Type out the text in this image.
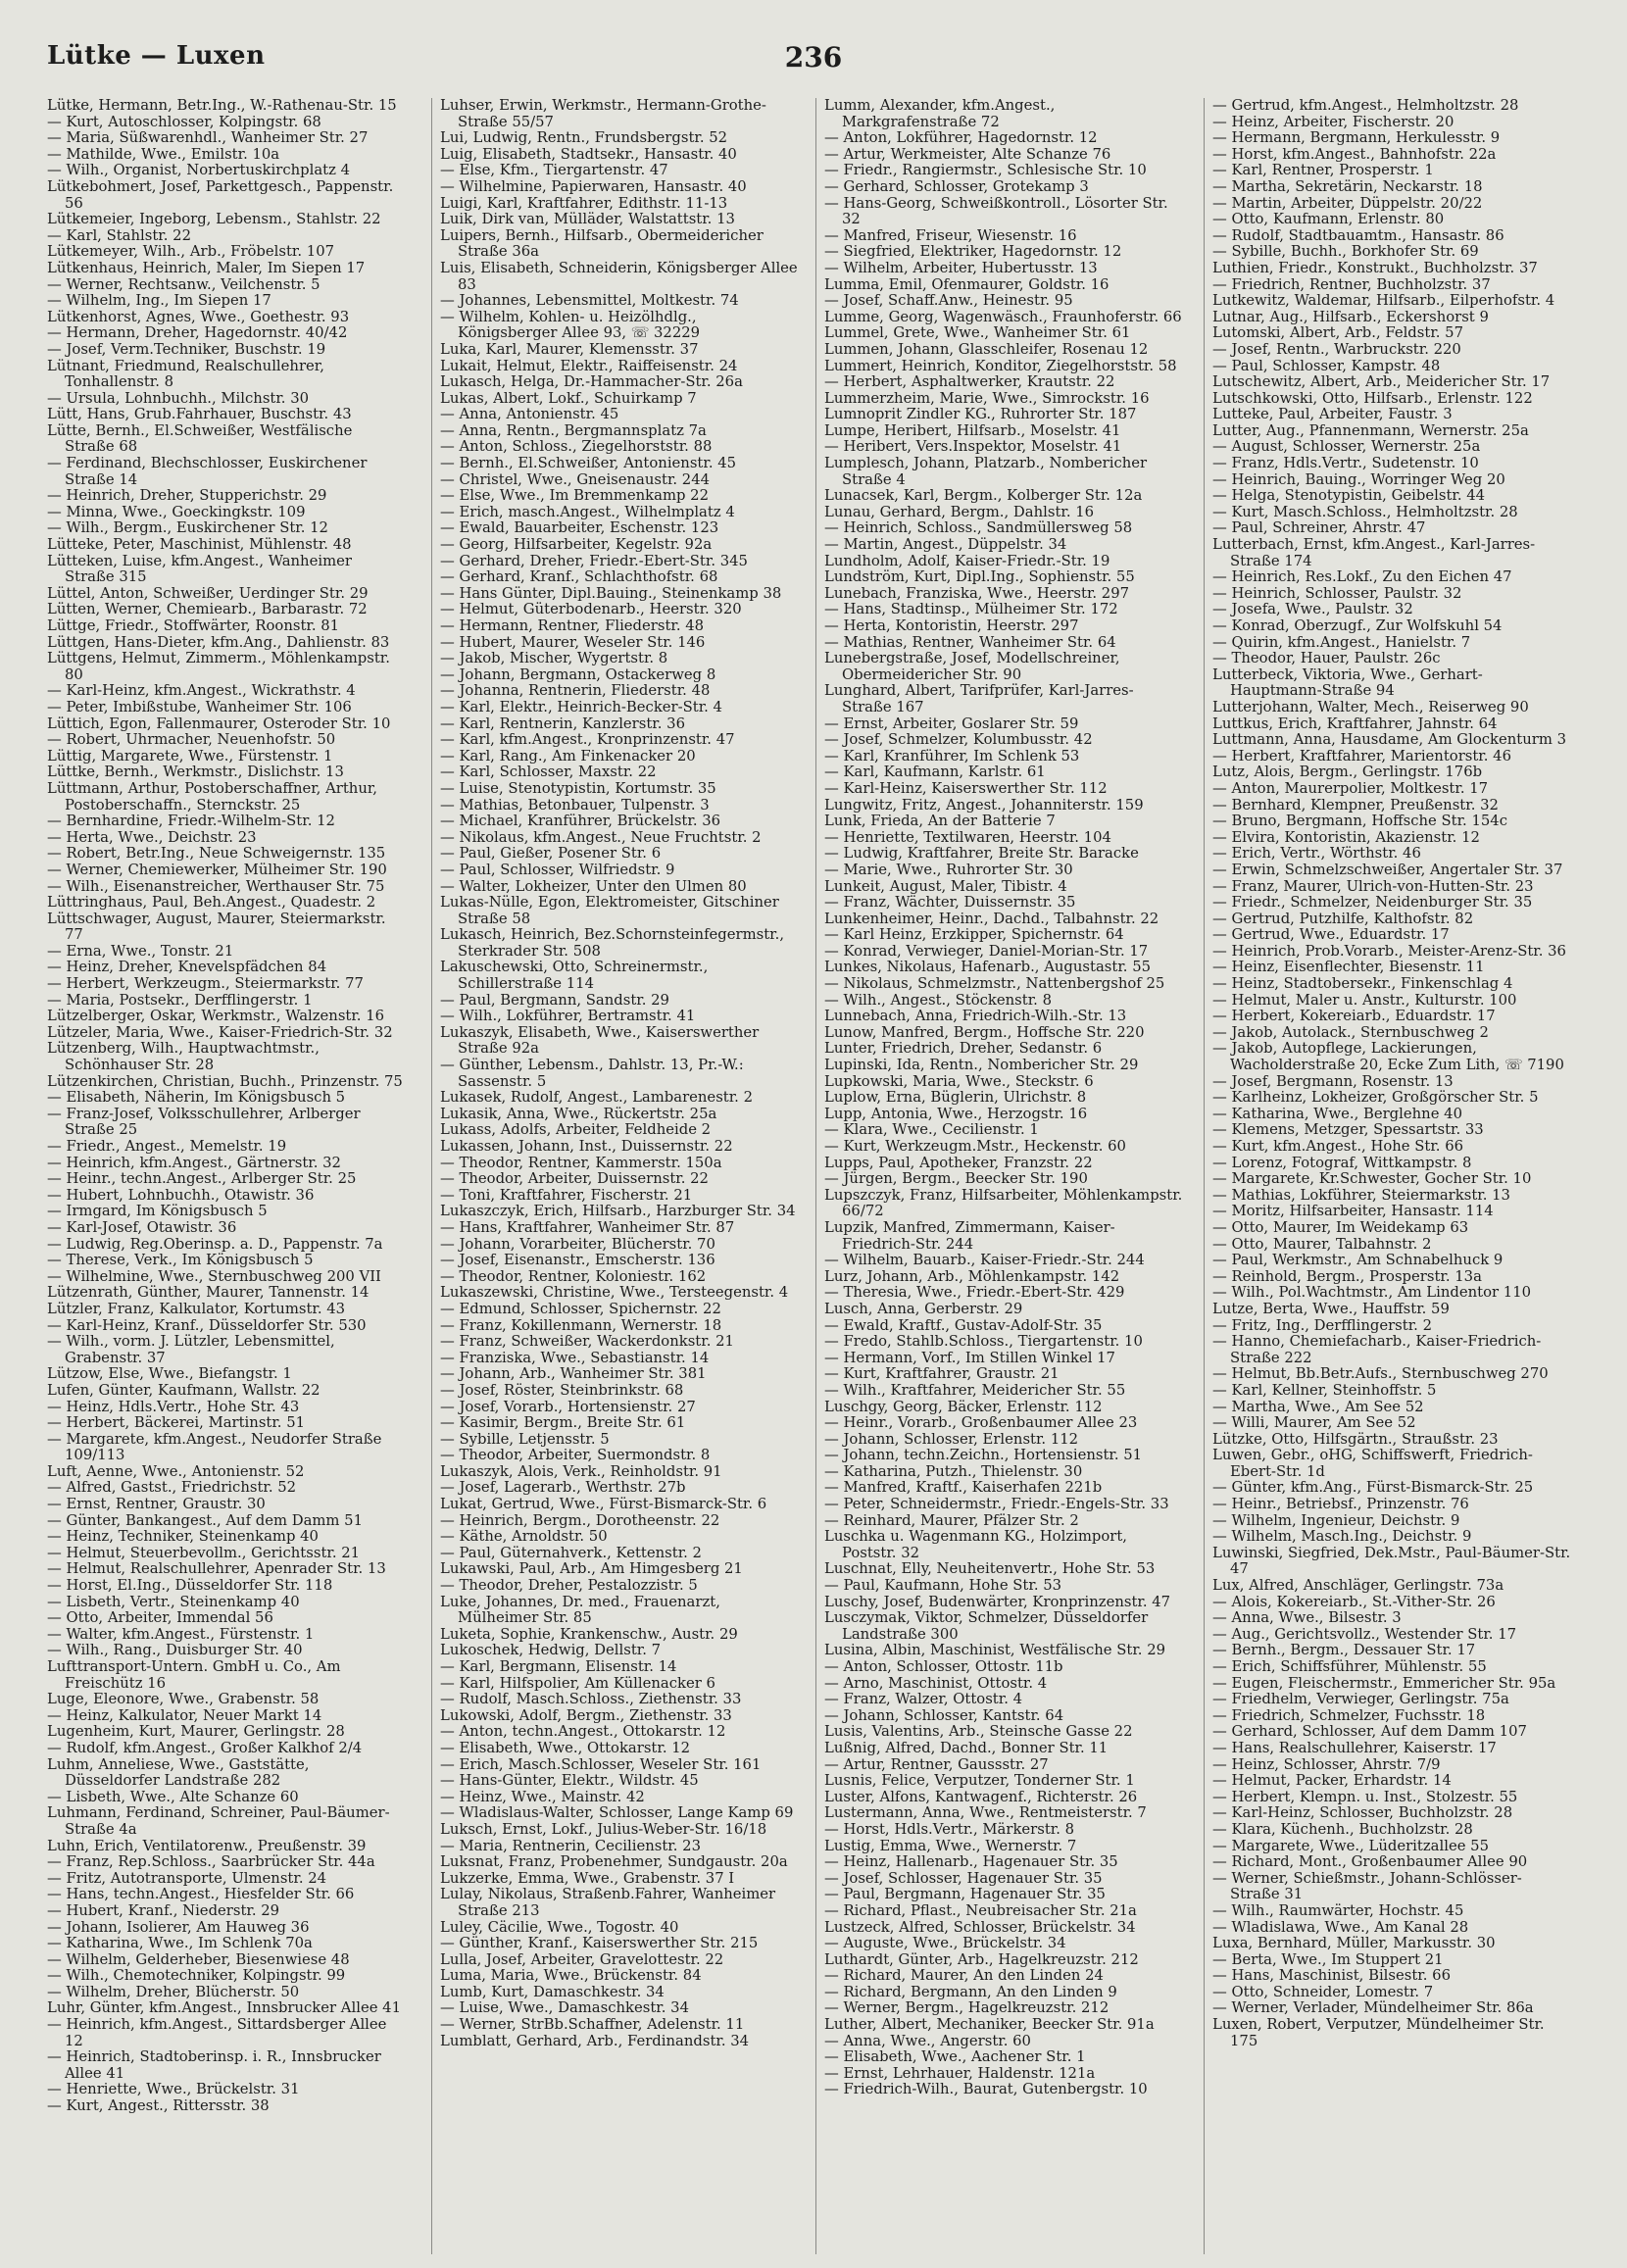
236
Lütke — Luxen

Lütke, Hermann, Betr.Ing., W.-Rathenau-Str. 15

— Kurt, Autoschlosser, Kolpingstr. 68

— Maria, Süßwarenhdl., Wanheimer Str. 27

— Mathilde, Wwe., Emilstr. 10a

— Wilh., Organist, Norbertuskirchplatz 4

Lütkebohmert, Josef, Parkettgesch., Pappenstr. 56

Lütkemeier, Ingeborg, Lebensm., Stahlstr. 22

— Karl, Stahlstr. 22

Lütkemeyer, Wilh., Arb., Fröbelstr. 107

Lütkenhaus, Heinrich, Maler, Im Siepen 17

— Werner, Rechtsanw., Veilchenstr. 5

— Wilhelm, Ing., Im Siepen 17

Lütkenhorst, Agnes, Wwe., Goethestr. 93

— Hermann, Dreher, Hagedornstr. 40/42

— Josef, Verm.Techniker, Buschstr. 19

Lütnant, Friedmund, Realschullehrer, Tonhallenstr. 8

— Ursula, Lohnbuchh., Milchstr. 30

Lütt, Hans, Grub.Fahrhauer, Buschstr. 43

Lütte, Bernh., El.Schweißer, Westfälische Straße 68

— Ferdinand, Blechschlosser, Euskirchener Straße 14

— Heinrich, Dreher, Stupperichstr. 29

— Minna, Wwe., Goeckingkstr. 109

— Wilh., Bergm., Euskirchener Str. 12

Lütteke, Peter, Maschinist, Mühlenstr. 48

Lütteken, Luise, kfm.Angest., Wanheimer Straße 315

Lüttel, Anton, Schweißer, Uerdinger Str. 29

Lütten, Werner, Chemiearb., Barbarastr. 72

Lüttge, Friedr., Stoffwärter, Roonstr. 81

Lüttgen, Hans-Dieter, kfm.Ang., Dahlienstr. 83

Lüttgens, Helmut, Zimmerm., Möhlenkampstr. 80

— Karl-Heinz, kfm.Angest., Wickrathstr. 4

— Peter, Imbißstube, Wanheimer Str. 106

Lüttich, Egon, Fallenmaurer, Osteroder Str. 10

— Robert, Uhrmacher, Neuenhofstr. 50

Lüttig, Margarete, Wwe., Fürstenstr. 1

Lüttke, Bernh., Werkmstr., Dislichstr. 13

Lüttmann, Arthur, Postoberschaffner, Arthur, Postoberschaffn., Sternckstr. 25

— Bernhardine, Friedr.-Wilhelm-Str. 12

— Herta, Wwe., Deichstr. 23

— Robert, Betr.Ing., Neue Schweigernstr. 135

— Werner, Chemiewerker, Mülheimer Str. 190

— Wilh., Eisenanstreicher, Werthauser Str. 75

Lüttringhaus, Paul, Beh.Angest., Quadestr. 2

Lüttschwager, August, Maurer, Steiermarkstr. 77

— Erna, Wwe., Tonstr. 21

— Heinz, Dreher, Knevelspfädchen 84

— Herbert, Werkzeugm., Steiermarkstr. 77

— Maria, Postsekr., Derfflingerstr. 1

Lützelberger, Oskar, Werkmstr., Walzenstr. 16

Lützeler, Maria, Wwe., Kaiser-Friedrich-Str. 32

Lützenberg, Wilh., Hauptwachtmstr., Schönhauser Str. 28

Lützenkirchen, Christian, Buchh., Prinzenstr. 75

— Elisabeth, Näherin, Im Königsbusch 5

— Franz-Josef, Volksschullehrer, Arlberger Straße 25

— Friedr., Angest., Memelstr. 19

— Heinrich, kfm.Angest., Gärtnerstr. 32

— Heinr., techn.Angest., Arlberger Str. 25

— Hubert, Lohnbuchh., Otawistr. 36

— Irmgard, Im Königsbusch 5

— Karl-Josef, Otawistr. 36

— Ludwig, Reg.Oberinsp. a. D., Pappenstr. 7a

— Therese, Verk., Im Königsbusch 5

— Wilhelmine, Wwe., Sternbuschweg 200 VII

Lützenrath, Günther, Maurer, Tannenstr. 14

Lützler, Franz, Kalkulator, Kortumstr. 43

— Karl-Heinz, Kranf., Düsseldorfer Str. 530

— Wilh., vorm. J. Lützler, Lebensmittel, Grabenstr. 37

Lützow, Else, Wwe., Biefangstr. 1

Lufen, Günter, Kaufmann, Wallstr. 22

— Heinz, Hdls.Vertr., Hohe Str. 43

— Herbert, Bäckerei, Martinstr. 51

— Margarete, kfm.Angest., Neudorfer Straße 109/113

Luft, Aenne, Wwe., Antonienstr. 52

— Alfred, Gastst., Friedrichstr. 52

— Ernst, Rentner, Graustr. 30

— Günter, Bankangest., Auf dem Damm 51

— Heinz, Techniker, Steinenkamp 40

— Helmut, Steuerbevollm., Gerichtsstr. 21

— Helmut, Realschullehrer, Apenrader Str. 13

— Horst, El.Ing., Düsseldorfer Str. 118

— Lisbeth, Vertr., Steinenkamp 40

— Otto, Arbeiter, Immendal 56

— Walter, kfm.Angest., Fürstenstr. 1

— Wilh., Rang., Duisburger Str. 40

Lufttransport-Untern. GmbH u. Co., Am Freischütz 16

Luge, Eleonore, Wwe., Grabenstr. 58

— Heinz, Kalkulator, Neuer Markt 14

Lugenheim, Kurt, Maurer, Gerlingstr. 28

— Rudolf, kfm.Angest., Großer Kalkhof 2/4

Luhm, Anneliese, Wwe., Gaststätte, Düsseldorfer Landstraße 282

— Lisbeth, Wwe., Alte Schanze 60

Luhmann, Ferdinand, Schreiner, Paul-Bäumer-Straße 4a

Luhn, Erich, Ventilatorenw., Preußenstr. 39

— Franz, Rep.Schloss., Saarbrücker Str. 44a

— Fritz, Autotransporte, Ulmenstr. 24

— Hans, techn.Angest., Hiesfelder Str. 66

— Hubert, Kranf., Niederstr. 29

— Johann, Isolierer, Am Hauweg 36

— Katharina, Wwe., Im Schlenk 70a

— Wilhelm, Gelderheber, Biesenwiese 48

— Wilh., Chemotechniker, Kolpingstr. 99

— Wilhelm, Dreher, Blücherstr. 50

Luhr, Günter, kfm.Angest., Innsbrucker Allee 41

— Heinrich, kfm.Angest., Sittardsberger Allee 12

— Heinrich, Stadtoberinsp. i. R., Innsbrucker Allee 41

— Henriette, Wwe., Brückelstr. 31

— Kurt, Angest., Rittersstr. 38

Luhser, Erwin, Werkmstr., Hermann-Grothe-Straße 55/57

Lui, Ludwig, Rentn., Frundsbergstr. 52

Luig, Elisabeth, Stadtsekr., Hansastr. 40

— Else, Kfm., Tiergartenstr. 47

— Wilhelmine, Papierwaren, Hansastr. 40

Luigi, Karl, Kraftfahrer, Edithstr. 11-13

Luik, Dirk van, Mülläder, Walstattstr. 13

Luipers, Bernh., Hilfsarb., Obermeidericher Straße 36a

Luis, Elisabeth, Schneiderin, Königsberger Allee 83

— Johannes, Lebensmittel, Moltkestr. 74

— Wilhelm, Kohlen- u. Heizölhdlg., Königsberger Allee 93, ☏ 32229

Luka, Karl, Maurer, Klemensstr. 37

Lukait, Helmut, Elektr., Raiffeisenstr. 24

Lukasch, Helga, Dr.-Hammacher-Str. 26a

Lukas, Albert, Lokf., Schuirkamp 7

— Anna, Antonienstr. 45

— Anna, Rentn., Bergmannsplatz 7a

— Anton, Schloss., Ziegelhorststr. 88

— Bernh., El.Schweißer, Antonienstr. 45

— Christel, Wwe., Gneisenaustr. 244

— Else, Wwe., Im Bremmenkamp 22

— Erich, masch.Angest., Wilhelmplatz 4

— Ewald, Bauarbeiter, Eschenstr. 123

— Georg, Hilfsarbeiter, Kegelstr. 92a

— Gerhard, Dreher, Friedr.-Ebert-Str. 345

— Gerhard, Kranf., Schlachthofstr. 68

— Hans Günter, Dipl.Bauing., Steinenkamp 38

— Helmut, Güterbodenarb., Heerstr. 320

— Hermann, Rentner, Fliederstr. 48

— Hubert, Maurer, Weseler Str. 146

— Jakob, Mischer, Wygertstr. 8

— Johann, Bergmann, Ostackerweg 8

— Johanna, Rentnerin, Fliederstr. 48

— Karl, Elektr., Heinrich-Becker-Str. 4

— Karl, Rentnerin, Kanzlerstr. 36

— Karl, kfm.Angest., Kronprinzenstr. 47

— Karl, Rang., Am Finkenacker 20

— Karl, Schlosser, Maxstr. 22

— Luise, Stenotypistin, Kortumstr. 35

— Mathias, Betonbauer, Tulpenstr. 3

— Michael, Kranführer, Brückelstr. 36

— Nikolaus, kfm.Angest., Neue Fruchtstr. 2

— Paul, Gießer, Posener Str. 6

— Paul, Schlosser, Wilfriedstr. 9

— Walter, Lokheizer, Unter den Ulmen 80

Lukas-Nülle, Egon, Elektromeister, Gitschiner Straße 58

Lukasch, Heinrich, Bez.Schornsteinfegermstr., Sterkrader Str. 508

Lakuschewski, Otto, Schreinermstr., Schillerstraße 114

— Paul, Bergmann, Sandstr. 29

— Wilh., Lokführer, Bertramstr. 41

Lukaszyk, Elisabeth, Wwe., Kaiserswerther Straße 92a

— Günther, Lebensm., Dahlstr. 13, Pr.-W.: Sassenstr. 5

Lukasek, Rudolf, Angest., Lambarenestr. 2

Lukasik, Anna, Wwe., Rückertstr. 25a

Lukass, Adolfs, Arbeiter, Feldheide 2

Lukassen, Johann, Inst., Duissernstr. 22

— Theodor, Rentner, Kammerstr. 150a

— Theodor, Arbeiter, Duissernstr. 22

— Toni, Kraftfahrer, Fischerstr. 21

Lukaszczyk, Erich, Hilfsarb., Harzburger Str. 34

— Hans, Kraftfahrer, Wanheimer Str. 87

— Johann, Vorarbeiter, Blücherstr. 70

— Josef, Eisenanstr., Emscherstr. 136

— Theodor, Rentner, Koloniestr. 162

Lukaszewski, Christine, Wwe., Tersteegenstr. 4

— Edmund, Schlosser, Spichernstr. 22

— Franz, Kokillenmann, Wernerstr. 18

— Franz, Schweißer, Wackerdonkstr. 21

— Franziska, Wwe., Sebastianstr. 14

— Johann, Arb., Wanheimer Str. 381

— Josef, Röster, Steinbrinkstr. 68

— Josef, Vorarb., Hortensienstr. 27

— Kasimir, Bergm., Breite Str. 61

— Sybille, Letjensstr. 5

— Theodor, Arbeiter, Suermondstr. 8

Lukaszyk, Alois, Verk., Reinholdstr. 91

— Josef, Lagerarb., Werthstr. 27b

Lukat, Gertrud, Wwe., Fürst-Bismarck-Str. 6

— Heinrich, Bergm., Dorotheenstr. 22

— Käthe, Arnoldstr. 50

— Paul, Güternahverk., Kettenstr. 2

Lukawski, Paul, Arb., Am Himgesberg 21

— Theodor, Dreher, Pestalozzistr. 5

Luke, Johannes, Dr. med., Frauenarzt, Mülheimer Str. 85

Luketa, Sophie, Krankenschw., Austr. 29

Lukoschek, Hedwig, Dellstr. 7

— Karl, Bergmann, Elisenstr. 14

— Karl, Hilfspolier, Am Küllenacker 6

— Rudolf, Masch.Schloss., Ziethenstr. 33

Lukowski, Adolf, Bergm., Ziethenstr. 33

— Anton, techn.Angest., Ottokarstr. 12

— Elisabeth, Wwe., Ottokarstr. 12

— Erich, Masch.Schlosser, Weseler Str. 161

— Hans-Günter, Elektr., Wildstr. 45

— Heinz, Wwe., Mainstr. 42

— Wladislaus-Walter, Schlosser, Lange Kamp 69

Luksch, Ernst, Lokf., Julius-Weber-Str. 16/18

— Maria, Rentnerin, Cecilienstr. 23

Luksnat, Franz, Probenehmer, Sundgaustr. 20a

Lukzerke, Emma, Wwe., Grabenstr. 37 I

Lulay, Nikolaus, Straßenb.Fahrer, Wanheimer Straße 213

Luley, Cäcilie, Wwe., Togostr. 40

— Günther, Kranf., Kaiserswerther Str. 215

Lulla, Josef, Arbeiter, Gravelottestr. 22

Luma, Maria, Wwe., Brückenstr. 84

Lumb, Kurt, Damaschkestr. 34

— Luise, Wwe., Damaschkestr. 34

— Werner, StrBb.Schaffner, Adelenstr. 11

Lumblatt, Gerhard, Arb., Ferdinandstr. 34

Lumm, Alexander, kfm.Angest., Markgrafenstraße 72

— Anton, Lokführer, Hagedornstr. 12

— Artur, Werkmeister, Alte Schanze 76

— Friedr., Rangiermstr., Schlesische Str. 10

— Gerhard, Schlosser, Grotekamp 3

— Hans-Georg, Schweißkontroll., Lösorter Str. 32

— Manfred, Friseur, Wiesenstr. 16

— Siegfried, Elektriker, Hagedornstr. 12

— Wilhelm, Arbeiter, Hubertusstr. 13

Lumma, Emil, Ofenmaurer, Goldstr. 16

— Josef, Schaff.Anw., Heinestr. 95

Lumme, Georg, Wagenwäsch., Fraunhoferstr. 66

Lummel, Grete, Wwe., Wanheimer Str. 61

Lummen, Johann, Glasschleifer, Rosenau 12

Lummert, Heinrich, Konditor, Ziegelhorststr. 58

— Herbert, Asphaltwerker, Krautstr. 22

Lummerzheim, Marie, Wwe., Simrockstr. 16

Lumnoprit Zindler KG., Ruhrorter Str. 187

Lumpe, Heribert, Hilfsarb., Moselstr. 41

— Heribert, Vers.Inspektor, Moselstr. 41

Lumplesch, Johann, Platzarb., Nombericher Straße 4

Lunacsek, Karl, Bergm., Kolberger Str. 12a

Lunau, Gerhard, Bergm., Dahlstr. 16

— Heinrich, Schloss., Sandmüllersweg 58

— Martin, Angest., Düppelstr. 34

Lundholm, Adolf, Kaiser-Friedr.-Str. 19

Lundström, Kurt, Dipl.Ing., Sophienstr. 55

Lunebach, Franziska, Wwe., Heerstr. 297

— Hans, Stadtinsp., Mülheimer Str. 172

— Herta, Kontoristin, Heerstr. 297

— Mathias, Rentner, Wanheimer Str. 64

Lunebergstraße, Josef, Modellschreiner, Obermeidericher Str. 90

Lunghard, Albert, Tarifprüfer, Karl-Jarres-Straße 167

— Ernst, Arbeiter, Goslarer Str. 59

— Josef, Schmelzer, Kolumbusstr. 42

— Karl, Kranführer, Im Schlenk 53

— Karl, Kaufmann, Karlstr. 61

— Karl-Heinz, Kaiserswerther Str. 112

Lungwitz, Fritz, Angest., Johanniterstr. 159

Lunk, Frieda, An der Batterie 7

— Henriette, Textilwaren, Heerstr. 104

— Ludwig, Kraftfahrer, Breite Str. Baracke

— Marie, Wwe., Ruhrorter Str. 30

Lunkeit, August, Maler, Tibistr. 4

— Franz, Wächter, Duissernstr. 35

Lunkenheimer, Heinr., Dachd., Talbahnstr. 22

— Karl Heinz, Erzkipper, Spichernstr. 64

— Konrad, Verwieger, Daniel-Morian-Str. 17

Lunkes, Nikolaus, Hafenarb., Augustastr. 55

— Nikolaus, Schmelzmstr., Nattenbergshof 25

— Wilh., Angest., Stöckenstr. 8

Lunnebach, Anna, Friedrich-Wilh.-Str. 13

Lunow, Manfred, Bergm., Hoffsche Str. 220

Lunter, Friedrich, Dreher, Sedanstr. 6

Lupinski, Ida, Rentn., Nombericher Str. 29

Lupkowski, Maria, Wwe., Steckstr. 6

Luplow, Erna, Büglerin, Ulrichstr. 8

Lupp, Antonia, Wwe., Herzogstr. 16

— Klara, Wwe., Cecilienstr. 1

— Kurt, Werkzeugm.Mstr., Heckenstr. 60

Lupps, Paul, Apotheker, Franzstr. 22

— Jürgen, Bergm., Beecker Str. 190

Lupszczyk, Franz, Hilfsarbeiter, Möhlenkampstr. 66/72

Lupzik, Manfred, Zimmermann, Kaiser-Friedrich-Str. 244

— Wilhelm, Bauarb., Kaiser-Friedr.-Str. 244

Lurz, Johann, Arb., Möhlenkampstr. 142

— Theresia, Wwe., Friedr.-Ebert-Str. 429

Lusch, Anna, Gerberstr. 29

— Ewald, Kraftf., Gustav-Adolf-Str. 35

— Fredo, Stahlb.Schloss., Tiergartenstr. 10

— Hermann, Vorf., Im Stillen Winkel 17

— Kurt, Kraftfahrer, Graustr. 21

— Wilh., Kraftfahrer, Meidericher Str. 55

Luschgy, Georg, Bäcker, Erlenstr. 112

— Heinr., Vorarb., Großenbaumer Allee 23

— Johann, Schlosser, Erlenstr. 112

— Johann, techn.Zeichn., Hortensienstr. 51

— Katharina, Putzh., Thielenstr. 30

— Manfred, Kraftf., Kaiserhafen 221b

— Peter, Schneidermstr., Friedr.-Engels-Str. 33

— Reinhard, Maurer, Pfälzer Str. 2

Luschka u. Wagenmann KG., Holzimport, Poststr. 32

Luschnat, Elly, Neuheitenvertr., Hohe Str. 53

— Paul, Kaufmann, Hohe Str. 53

Luschy, Josef, Budenwärter, Kronprinzenstr. 47

Lusczymak, Viktor, Schmelzer, Düsseldorfer Landstraße 300

Lusina, Albin, Maschinist, Westfälische Str. 29

— Anton, Schlosser, Ottostr. 11b

— Arno, Maschinist, Ottostr. 4

— Franz, Walzer, Ottostr. 4

— Johann, Schlosser, Kantstr. 64

Lusis, Valentins, Arb., Steinsche Gasse 22

Lußnig, Alfred, Dachd., Bonner Str. 11

— Artur, Rentner, Gaussstr. 27

Lusnis, Felice, Verputzer, Tonderner Str. 1

Luster, Alfons, Kantwagenf., Richterstr. 26

Lustermann, Anna, Wwe., Rentmeisterstr. 7

— Horst, Hdls.Vertr., Märkerstr. 8

Lustig, Emma, Wwe., Wernerstr. 7

— Heinz, Hallenarb., Hagenauer Str. 35

— Josef, Schlosser, Hagenauer Str. 35

— Paul, Bergmann, Hagenauer Str. 35

— Richard, Pflast., Neubreisacher Str. 21a

Lustzeck, Alfred, Schlosser, Brückelstr. 34

— Auguste, Wwe., Brückelstr. 34

Luthardt, Günter, Arb., Hagelkreuzstr. 212

— Richard, Maurer, An den Linden 24

— Richard, Bergmann, An den Linden 9

— Werner, Bergm., Hagelkreuzstr. 212

Luther, Albert, Mechaniker, Beecker Str. 91a

— Anna, Wwe., Angerstr. 60

— Elisabeth, Wwe., Aachener Str. 1

— Ernst, Lehrhauer, Haldenstr. 121a

— Friedrich-Wilh., Baurat, Gutenbergstr. 10

— Gertrud, kfm.Angest., Helmholtzstr. 28

— Heinz, Arbeiter, Fischerstr. 20

— Hermann, Bergmann, Herkulesstr. 9

— Horst, kfm.Angest., Bahnhofstr. 22a

— Karl, Rentner, Prosperstr. 1

— Martha, Sekretärin, Neckarstr. 18

— Martin, Arbeiter, Düppelstr. 20/22

— Otto, Kaufmann, Erlenstr. 80

— Rudolf, Stadtbauamtm., Hansastr. 86

— Sybille, Buchh., Borkhofer Str. 69

Luthien, Friedr., Konstrukt., Buchholzstr. 37

— Friedrich, Rentner, Buchholzstr. 37

Lutkewitz, Waldemar, Hilfsarb., Eilperhofstr. 4

Lutnar, Aug., Hilfsarb., Eckershorst 9

Lutomski, Albert, Arb., Feldstr. 57

— Josef, Rentn., Warbruckstr. 220

— Paul, Schlosser, Kampstr. 48

Lutschewitz, Albert, Arb., Meidericher Str. 17

Lutschkowski, Otto, Hilfsarb., Erlenstr. 122

Lutteke, Paul, Arbeiter, Faustr. 3

Lutter, Aug., Pfannenmann, Wernerstr. 25a

— August, Schlosser, Wernerstr. 25a

— Franz, Hdls.Vertr., Sudetenstr. 10

— Heinrich, Bauing., Worringer Weg 20

— Helga, Stenotypistin, Geibelstr. 44

— Kurt, Masch.Schloss., Helmholtzstr. 28

— Paul, Schreiner, Ahrstr. 47

Lutterbach, Ernst, kfm.Angest., Karl-Jarres-Straße 174

— Heinrich, Res.Lokf., Zu den Eichen 47

— Heinrich, Schlosser, Paulstr. 32

— Josefa, Wwe., Paulstr. 32

— Konrad, Oberzugf., Zur Wolfskuhl 54

— Quirin, kfm.Angest., Hanielstr. 7

— Theodor, Hauer, Paulstr. 26c

Lutterbeck, Viktoria, Wwe., Gerhart-Hauptmann-Straße 94

Lutterjohann, Walter, Mech., Reiserweg 90

Luttkus, Erich, Kraftfahrer, Jahnstr. 64

Luttmann, Anna, Hausdame, Am Glockenturm 3

— Herbert, Kraftfahrer, Marientorstr. 46

Lutz, Alois, Bergm., Gerlingstr. 176b

— Anton, Maurerpolier, Moltkestr. 17

— Bernhard, Klempner, Preußenstr. 32

— Bruno, Bergmann, Hoffsche Str. 154c

— Elvira, Kontoristin, Akazienstr. 12

— Erich, Vertr., Wörthstr. 46

— Erwin, Schmelzschweißer, Angertaler Str. 37

— Franz, Maurer, Ulrich-von-Hutten-Str. 23

— Friedr., Schmelzer, Neidenburger Str. 35

— Gertrud, Putzhilfe, Kalthofstr. 82

— Gertrud, Wwe., Eduardstr. 17

— Heinrich, Prob.Vorarb., Meister-Arenz-Str. 36

— Heinz, Eisenflechter, Biesenstr. 11

— Heinz, Stadtobersekr., Finkenschlag 4

— Helmut, Maler u. Anstr., Kulturstr. 100

— Herbert, Kokereiarb., Eduardstr. 17

— Jakob, Autolack., Sternbuschweg 2

— Jakob, Autopflege, Lackierungen, Wacholderstraße 20, Ecke Zum Lith, ☏ 7190

— Josef, Bergmann, Rosenstr. 13

— Karlheinz, Lokheizer, Großgörscher Str. 5

— Katharina, Wwe., Berglehne 40

— Klemens, Metzger, Spessartstr. 33

— Kurt, kfm.Angest., Hohe Str. 66

— Lorenz, Fotograf, Wittkampstr. 8

— Margarete, Kr.Schwester, Gocher Str. 10

— Mathias, Lokführer, Steiermarkstr. 13

— Moritz, Hilfsarbeiter, Hansastr. 114

— Otto, Maurer, Im Weidekamp 63

— Otto, Maurer, Talbahnstr. 2

— Paul, Werkmstr., Am Schnabelhuck 9

— Reinhold, Bergm., Prosperstr. 13a

— Wilh., Pol.Wachtmstr., Am Lindentor 110

Lutze, Berta, Wwe., Hauffstr. 59

— Fritz, Ing., Derfflingerstr. 2

— Hanno, Chemiefacharb., Kaiser-Friedrich-Straße 222

— Helmut, Bb.Betr.Aufs., Sternbuschweg 270

— Karl, Kellner, Steinhoffstr. 5

— Martha, Wwe., Am See 52

— Willi, Maurer, Am See 52

Lützke, Otto, Hilfsgärtn., Straußstr. 23

Luwen, Gebr., oHG, Schiffswerft, Friedrich-Ebert-Str. 1d

— Günter, kfm.Ang., Fürst-Bismarck-Str. 25

— Heinr., Betriebsf., Prinzenstr. 76

— Wilhelm, Ingenieur, Deichstr. 9

— Wilhelm, Masch.Ing., Deichstr. 9

Luwinski, Siegfried, Dek.Mstr., Paul-Bäumer-Str. 47

Lux, Alfred, Anschläger, Gerlingstr. 73a

— Alois, Kokereiarb., St.-Vither-Str. 26

— Anna, Wwe., Bilsestr. 3

— Aug., Gerichtsvollz., Westender Str. 17

— Bernh., Bergm., Dessauer Str. 17

— Erich, Schiffsführer, Mühlenstr. 55

— Eugen, Fleischermstr., Emmericher Str. 95a

— Friedhelm, Verwieger, Gerlingstr. 75a

— Friedrich, Schmelzer, Fuchsstr. 18

— Gerhard, Schlosser, Auf dem Damm 107

— Hans, Realschullehrer, Kaiserstr. 17

— Heinz, Schlosser, Ahrstr. 7/9

— Helmut, Packer, Erhardstr. 14

— Herbert, Klempn. u. Inst., Stolzestr. 55

— Karl-Heinz, Schlosser, Buchholzstr. 28

— Klara, Küchenh., Buchholzstr. 28

— Margarete, Wwe., Lüderitzallee 55

— Richard, Mont., Großenbaumer Allee 90

— Werner, Schießmstr., Johann-Schlösser-Straße 31

— Wilh., Raumwärter, Hochstr. 45

— Wladislawa, Wwe., Am Kanal 28

Luxa, Bernhard, Müller, Markusstr. 30

— Berta, Wwe., Im Stuppert 21

— Hans, Maschinist, Bilsestr. 66

— Otto, Schneider, Lomestr. 7

— Werner, Verlader, Mündelheimer Str. 86a

Luxen, Robert, Verputzer, Mündelheimer Str. 175
